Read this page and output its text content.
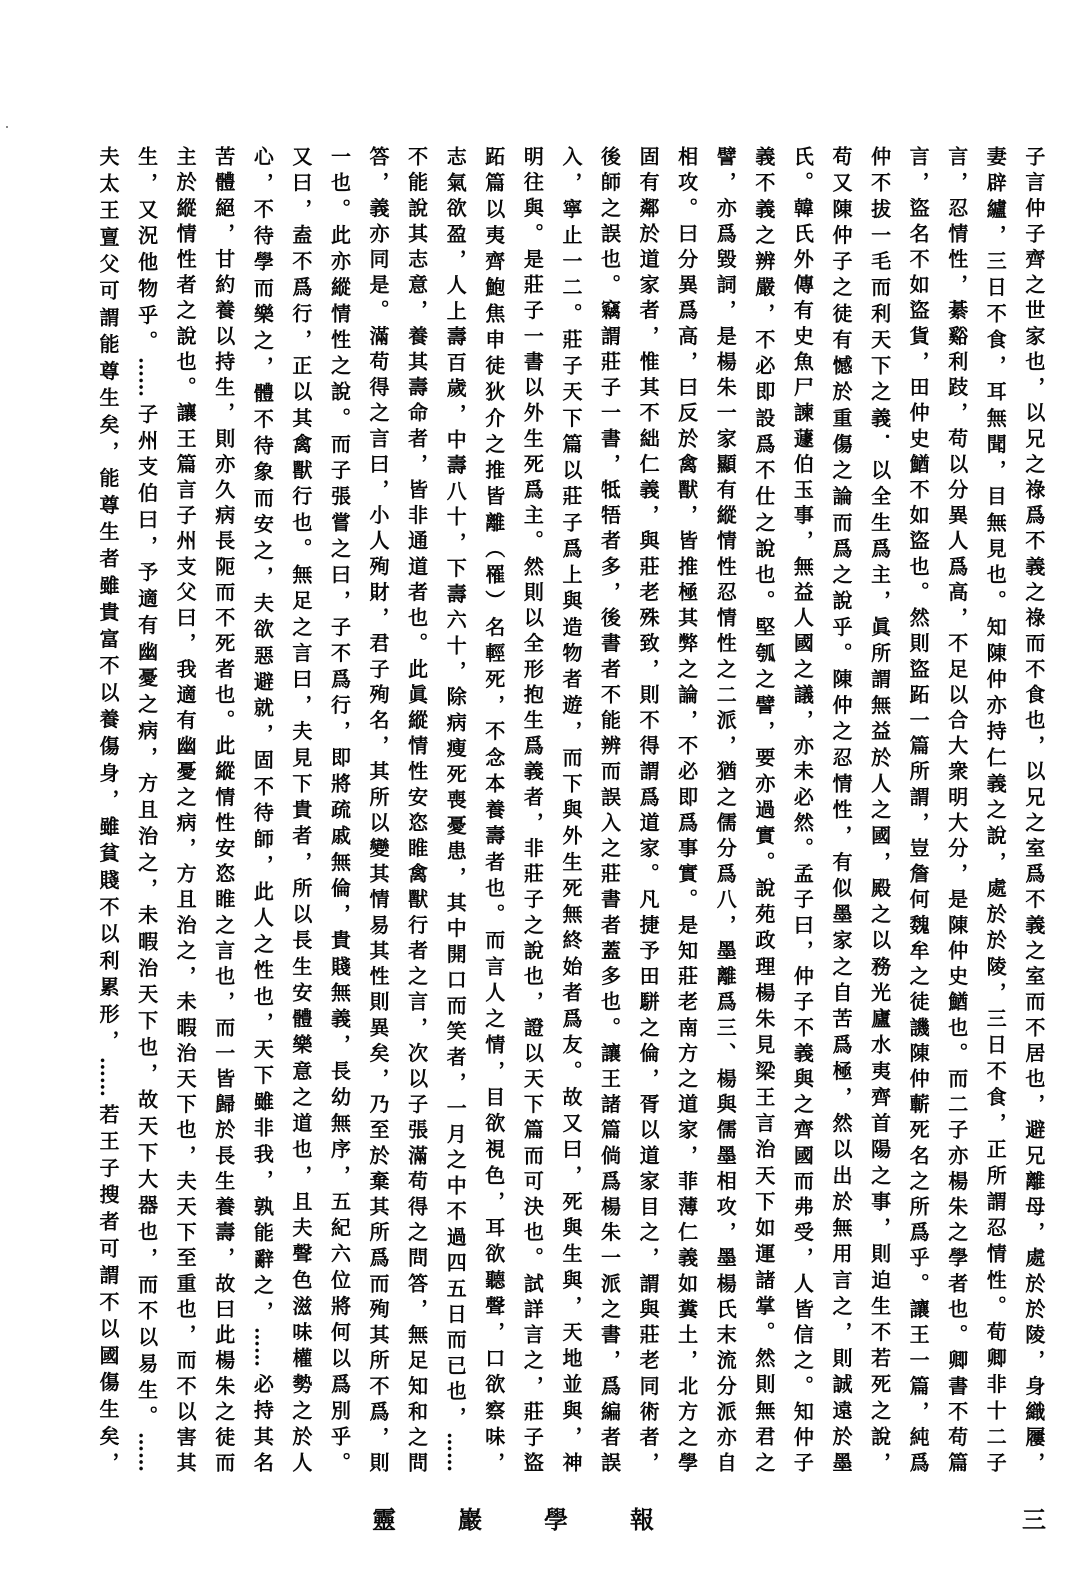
子言仲子齊之世家也，以兄之祿爲不義之祿而不食也，以兄之室爲不義之室而不居也，避兄離母，處於於陵，身織屨，
妻辟纑，三日不食，耳無聞，目無見也。知陳仲亦持仁義之說，處於於陵，三日不食，正所謂忍情性。荀卿非十二子
言，忍情性，綦谿利跂，苟以分異人爲高，不足以合大衆明大分，是陳仲史鰌也。而二子亦楊朱之學者也。卿書不苟篇
言，盜名不如盜貨，田仲史鰌不如盜也。然則盜跖一篇所謂，豈詹何魏牟之徒譏陳仲蘄死名之所爲乎。讓王一篇，純爲
仲不拔一毛而利天下之義．以全生爲主，眞所謂無益於人之國，殿之以務光廬水夷齊首陽之事，則迫生不若死之說，
苟又陳仲子之徒有憾於重傷之論而爲之說乎。陳仲之忍情性，有似墨家之自苦爲極，然以出於無用言之，則誠遠於墨
氏。韓氏外傳有史魚尸諫蘧伯玉事，無益人國之議，亦未必然。孟子曰，仲子不義與之齊國而弗受，人皆信之。知仲子
義不義之辨嚴，不必即設爲不仕之說也。堅瓠之譬，要亦過實。說苑政理楊朱見梁王言治天下如運諸掌。然則無君之
譬，亦爲毀詞，是楊朱一家顯有縱情性忍情性之二派，猶之儒分爲八，墨離爲三、楊與儒墨相攻，墨楊氏末流分派亦自
相攻。曰分異爲高，曰反於禽獸，皆推極其弊之論，不必即爲事實。是知莊老南方之道家，菲薄仁義如糞土，北方之學
固有鄰於道家者，惟其不絀仁義，與莊老殊致，則不得謂爲道家。凡捷予田駢之倫，胥以道家目之，謂與莊老同術者，
後師之誤也。竊謂莊子一書，牴牾者多，後書者不能辨而誤入之莊書者蓋多也。讓王諸篇倘爲楊朱一派之書，爲編者誤
入，寧止一二。莊子天下篇以莊子爲上與造物者遊，而下與外生死無終始者爲友。故又曰，死與生與，天地並與，神
明往與。是莊子一書以外生死爲主。然則以全形抱生爲義者，非莊子之說也，證以天下篇而可決也。試詳言之，莊子盜
跖篇以夷齊鮑焦申徒狄介之推皆離（罹）名輕死，不念本養壽者也。而言人之情，目欲視色，耳欲聽聲，口欲察味，
志氣欲盈，人上壽百歲，中壽八十，下壽六十，除病瘦死喪憂患，其中開口而笑者，一月之中不過四五日而已也，……
不能說其志意，養其壽命者，皆非通道者也。此眞縱情性安恣睢禽獸行者之言，次以子張滿苟得之問答，無足知和之問
答，義亦同是。滿苟得之言曰，小人殉財，君子殉名，其所以變其情易其性則異矣，乃至於棄其所爲而殉其所不爲，則
一也。此亦縱情性之說。而子張嘗之曰，子不爲行，即將疏戚無倫，貴賤無義，長幼無序，五紀六位將何以爲別乎。
又曰，盍不爲行，正以其禽獸行也。無足之言曰，夫見下貴者，所以長生安體樂意之道也，且夫聲色滋味權勢之於人
心，不待學而樂之，體不待象而安之，夫欲惡避就，固不待師，此人之性也，天下雖非我，孰能辭之，……必持其名
苦體絕，甘約養以持生，則亦久病長阨而不死者也。此縱情性安恣睢之言也，而一皆歸於長生養壽，故曰此楊朱之徒而
主於縱情性者之說也。讓王篇言子州支父曰，我適有幽憂之病，方且治之，未暇治天下也，夫天下至重也，而不以害其
生，又況他物乎。……子州支伯曰，予適有幽憂之病，方且治之，未暇治天下也，故天下大器也，而不以易生。……
夫太王亶父可謂能尊生矣，能尊生者雖貴富不以養傷身，雖貧賤不以利累形，……若王子搜者可謂不以國傷生矣，
靈巖學報	三
